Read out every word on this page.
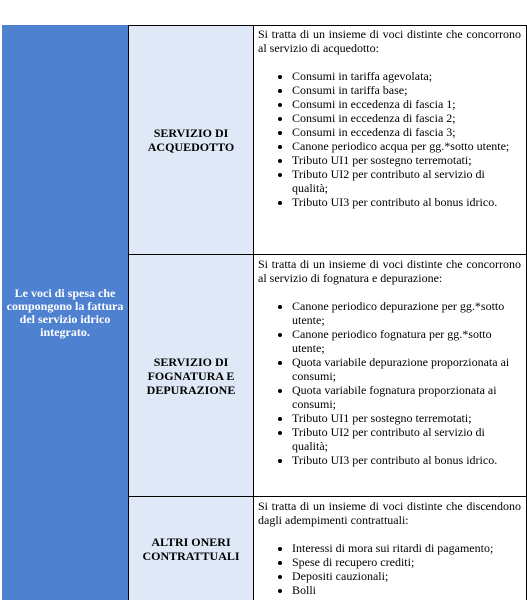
Le voci di spesa che compongono la fattura del servizio idrico integrato.
SERVIZIO DI
ACQUEDOTTO
Si tratta di un insieme di voci distinte che concorrono al servizio di acquedotto:
• Consumi in tariffa agevolata;
• Consumi in tariffa base;
• Consumi in eccedenza di fascia 1;
• Consumi in eccedenza di fascia 2;
• Consumi in eccedenza di fascia 3;
• Canone periodico acqua per gg.*sotto utente;
• Tributo UI1 per sostegno terremotati;
• Tributo UI2 per contributo al servizio di qualità;
• Tributo UI3 per contributo al bonus idrico.
SERVIZIO DI
FOGNATURA E
DEPURAZIONE
Si tratta di un insieme di voci distinte che concorrono al servizio di fognatura e depurazione:
• Canone periodico depurazione per gg.*sotto utente;
• Canone periodico fognatura per gg.*sotto utente;
• Quota variabile depurazione proporzionata ai consumi;
• Quota variabile fognatura proporzionata ai consumi;
• Tributo UI1 per sostegno terremotati;
• Tributo UI2 per contributo al servizio di qualità;
• Tributo UI3 per contributo al bonus idrico.
ALTRI ONERI
CONTRATTUALI
Si tratta di un insieme di voci distinte che discendono dagli adempimenti contrattuali:
• Interessi di mora sui ritardi di pagamento;
• Spese di recupero crediti;
• Depositi cauzionali;
• Bolli
